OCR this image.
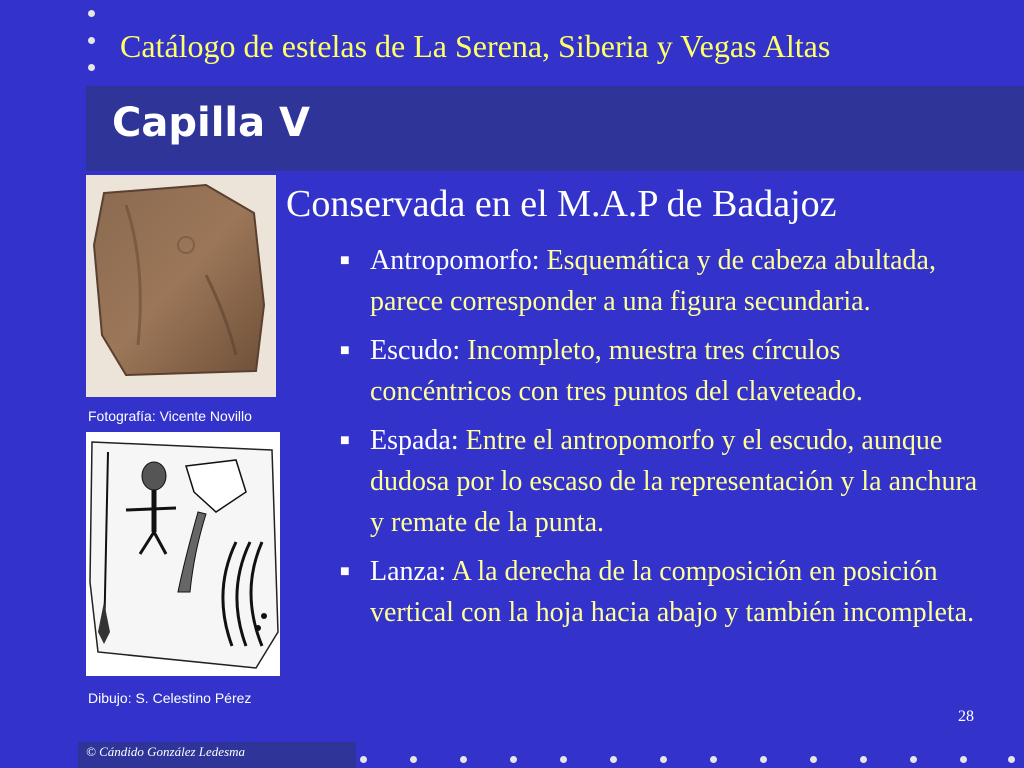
Catálogo de estelas de La Serena, Siberia y Vegas Altas
Capilla V
Fotografía: Vicente Novillo
Dibujo: S. Celestino Pérez
Conservada en el M.A.P de Badajoz
■ Antropomorfo: Esquemática y de cabeza abultada, parece corresponder a una figura secundaria.
■ Escudo: Incompleto, muestra tres círculos concéntricos con tres puntos del claveteado.
■ Espada: Entre el antropomorfo y el escudo, aunque dudosa por lo escaso de la representación y la anchura y remate de la punta.
■ Lanza: A la derecha de la composición en posición vertical con la hoja hacia abajo y también incompleta.
28
© Cándido González Ledesma
